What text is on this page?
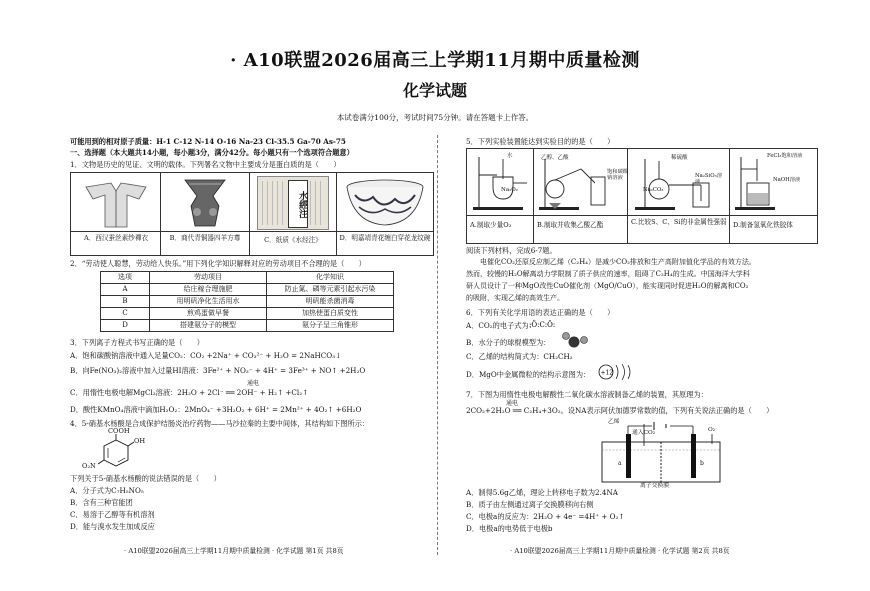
· A10联盟2026届高三上学期11月期中质量检测
化学试题
本试卷满分100分，考试时间75分钟。请在答题卡上作答。
可能用到的相对原子质量：H-1 C-12 N-14 O-16 Na-23 Cl-35.5 Ga-70 As-75
一、选择题（本大题共14小题，每小题3分，满分42分。每小题只有一个选项符合题意）
1．文物是历史的见证、文明的载体。下列署名文物中主要成分是蛋白质的是（　　）
水經注
A．西汉蚕丝素纱襌衣	B．商代青铜器四羊方尊	C．纸质《水经注》	D．明嘉靖青花缠白穿花龙纹碗
2．“劳动使人聪慧，劳动给人快乐。”用下列化学知识解释对应的劳动项目不合理的是（　　）
选项	劳动项目	化学知识
A	给庄稼合理施肥	防止氮、磷等元素引起水污染
B	用明矾净化生活用水	明矾能杀菌消毒
C	煎鸡蛋做早餐	加热使蛋白质变性
D	搭建氨分子的模型	氨分子呈三角锥形
3．下列离子方程式书写正确的是（　　）
A．饱和碳酸钠溶液中通入足量CO₂：CO₂ +2Na⁺ + CO₃²⁻ + H₂O = 2NaHCO₃↓
B．向Fe(NO₃)₂溶液中加入过量HI溶液：3Fe²⁺ + NO₃⁻ + 4H⁺ = 3Fe³⁺ + NO↑ +2H₂O
通电
C．用惰性电极电解MgCl₂溶液：2H₂O + 2Cl⁻ ══ 2OH⁻ + H₂↑ +Cl₂↑
D．酸性KMnO₄溶液中滴加H₂O₂：2MnO₄⁻ +3H₂O₂ + 6H⁺ = 2Mn²⁺ + 4O₂↑ +6H₂O
4．5-硝基水杨酸是合成保护结肠炎治疗药物——马沙拉秦的主要中间体，其结构如下图所示：
COOH
OH
O₂N
下列关于5-硝基水杨酸的说法错误的是（　　）
A．分子式为C₇H₅NO₅
B．含有三种官能团
C．易溶于乙醇等有机溶剂
D．能与溴水发生加成反应
· A10联盟2026届高三上学期11月期中质量检测 · 化学试题 第1页 共8页
5．下列实验装置能达到实验目的的是（　　）
水
Na₂O₂
乙醇、乙酸
饱和碳酸钠溶液
稀硫酸
Na₂CO₃
Na₂SiO₃溶液
FeCl₃饱和溶液
NaOH溶液
A.制取少量O₂	B.制取并收集乙酸乙酯	C.比较S、C、Si的非金属性强弱 D.制备氢氧化铁胶体
阅读下列材料，完成6-7题。
　　电催化CO₂还原反应制乙烯（C₂H₄）是减少CO₂排放和生产高附加值化学品的有效方法。
然而，较慢的H₂O解离动力学限制了质子供应的速率，阻碍了C₂H₄的生成。中国海洋大学科
研人员设计了一种MgO改性CuO催化剂（MgO/CuO），能实现同时促进H₂O的解离和CO₂
的吸附，实现乙烯的高效生产。
6．下列有关化学用语的表达正确的是（　　）
A．CO₂的电子式为：
:Ö:C:Ö:
B．水分子的球棍模型为：
C．乙烯的结构简式为：CH₂CH₂
D．MgO中金属微粒的结构示意图为： +12
7．下图为用惰性电极电解酸性二氧化碳水溶液制备乙烯的装置，其原理为：
通电
2CO₂+2H₂O ══ C₂H₄+3O₂。设NA表示阿伏加德罗常数的值，下列有关说法正确的是（　　）
乙烯
通入CO₂	O₂
a	b
离子交换膜
A．制得5.6g乙烯，理论上转移电子数为2.4NA
B．质子由左侧通过离子交换膜移向右侧
C．电极a的反应为：2H₂O + 4e⁻ =4H⁺ + O₂↑
D．电极a的电势低于电极b
· A10联盟2026届高三上学期11月期中质量检测 · 化学试题 第2页 共8页
